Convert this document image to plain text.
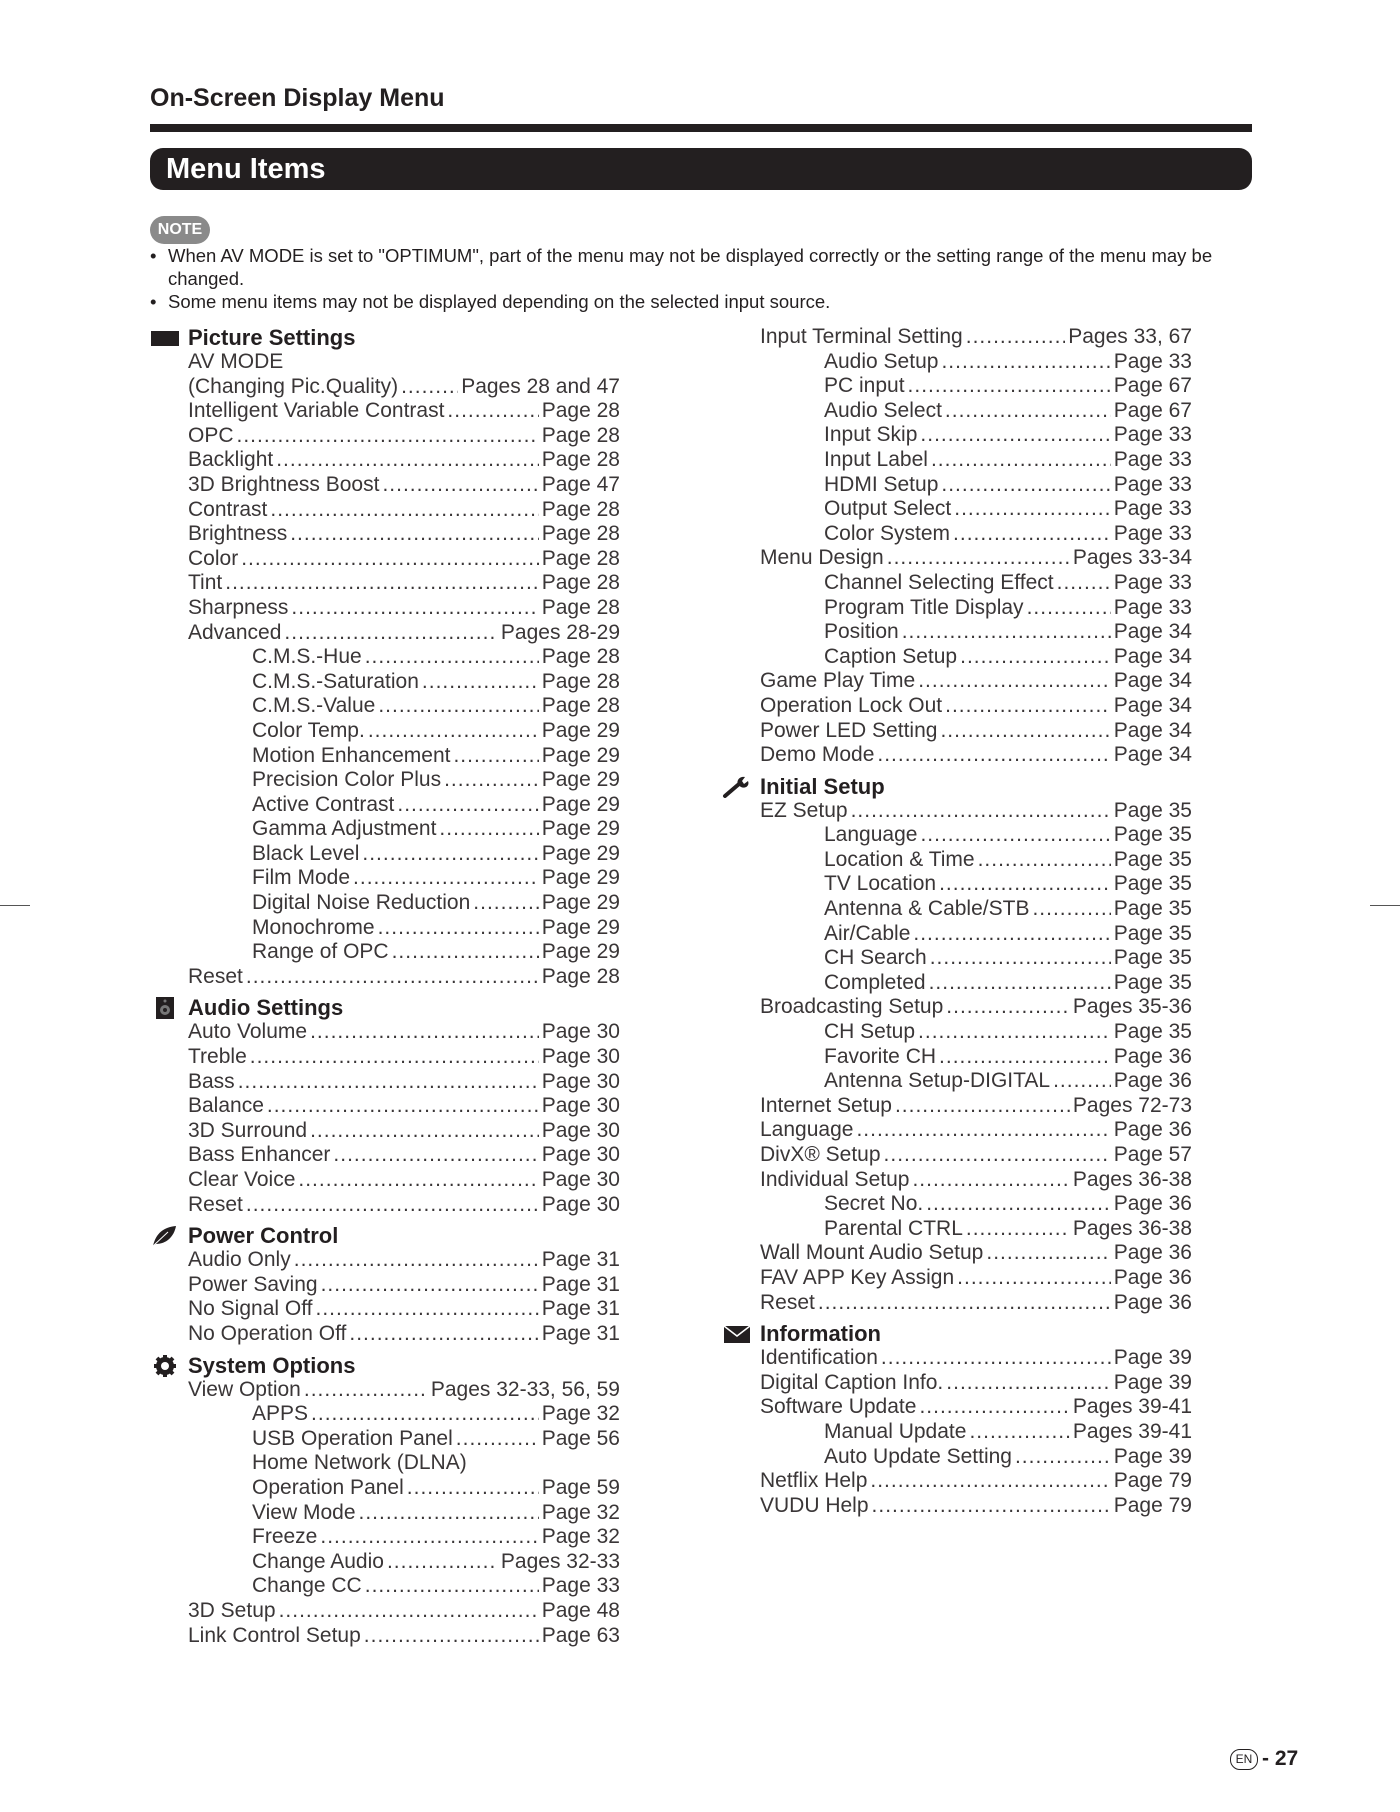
On-Screen Display Menu
Menu Items
NOTE
• When AV MODE is set to "OPTIMUM", part of the menu may not be displayed correctly or the setting range of the menu may be changed.
• Some menu items may not be displayed depending on the selected input source.
Picture Settings
AV MODE
(Changing Pic.Quality) .....	Pages 28 and 47
Intelligent Variable Contrast .....	Page 28
OPC .....	Page 28
Backlight .....	Page 28
3D Brightness Boost .....	Page 47
Contrast .....	Page 28
Brightness .....	Page 28
Color .....	Page 28
Tint .....	Page 28
Sharpness .....	Page 28
Advanced .....	Pages 28-29
C.M.S.-Hue .....	Page 28
C.M.S.-Saturation .....	Page 28
C.M.S.-Value .....	Page 28
Color Temp. .....	Page 29
Motion Enhancement .....	Page 29
Precision Color Plus .....	Page 29
Active Contrast .....	Page 29
Gamma Adjustment .....	Page 29
Black Level .....	Page 29
Film Mode .....	Page 29
Digital Noise Reduction .....	Page 29
Monochrome .....	Page 29
Range of OPC .....	Page 29
Reset .....	Page 28
Audio Settings
Auto Volume .....	Page 30
Treble .....	Page 30
Bass .....	Page 30
Balance .....	Page 30
3D Surround .....	Page 30
Bass Enhancer .....	Page 30
Clear Voice .....	Page 30
Reset .....	Page 30
Power Control
Audio Only .....	Page 31
Power Saving .....	Page 31
No Signal Off .....	Page 31
No Operation Off .....	Page 31
System Options
View Option .....	Pages 32-33, 56, 59
APPS .....	Page 32
USB Operation Panel .....	Page 56
Home Network (DLNA)
Operation Panel .....	Page 59
View Mode .....	Page 32
Freeze .....	Page 32
Change Audio .....	Pages 32-33
Change CC .....	Page 33
3D Setup .....	Page 48
Link Control Setup .....	Page 63
Input Terminal Setting .....	Pages 33, 67
Audio Setup .....	Page 33
PC input .....	Page 67
Audio Select .....	Page 67
Input Skip .....	Page 33
Input Label .....	Page 33
HDMI Setup .....	Page 33
Output Select .....	Page 33
Color System .....	Page 33
Menu Design .....	Pages 33-34
Channel Selecting Effect .....	Page 33
Program Title Display .....	Page 33
Position .....	Page 34
Caption Setup .....	Page 34
Game Play Time .....	Page 34
Operation Lock Out .....	Page 34
Power LED Setting .....	Page 34
Demo Mode .....	Page 34
Initial Setup
EZ Setup .....	Page 35
Language .....	Page 35
Location & Time .....	Page 35
TV Location .....	Page 35
Antenna & Cable/STB .....	Page 35
Air/Cable .....	Page 35
CH Search .....	Page 35
Completed .....	Page 35
Broadcasting Setup .....	Pages 35-36
CH Setup .....	Page 35
Favorite CH .....	Page 36
Antenna Setup-DIGITAL .....	Page 36
Internet Setup .....	Pages 72-73
Language .....	Page 36
DivX® Setup .....	Page 57
Individual Setup .....	Pages 36-38
Secret No. .....	Page 36
Parental CTRL .....	Pages 36-38
Wall Mount Audio Setup .....	Page 36
FAV APP Key Assign .....	Page 36
Reset .....	Page 36
Information
Identification .....	Page 39
Digital Caption Info. .....	Page 39
Software Update .....	Pages 39-41
Manual Update .....	Pages 39-41
Auto Update Setting .....	Page 39
Netflix Help .....	Page 79
VUDU Help .....	Page 79
EN - 27
